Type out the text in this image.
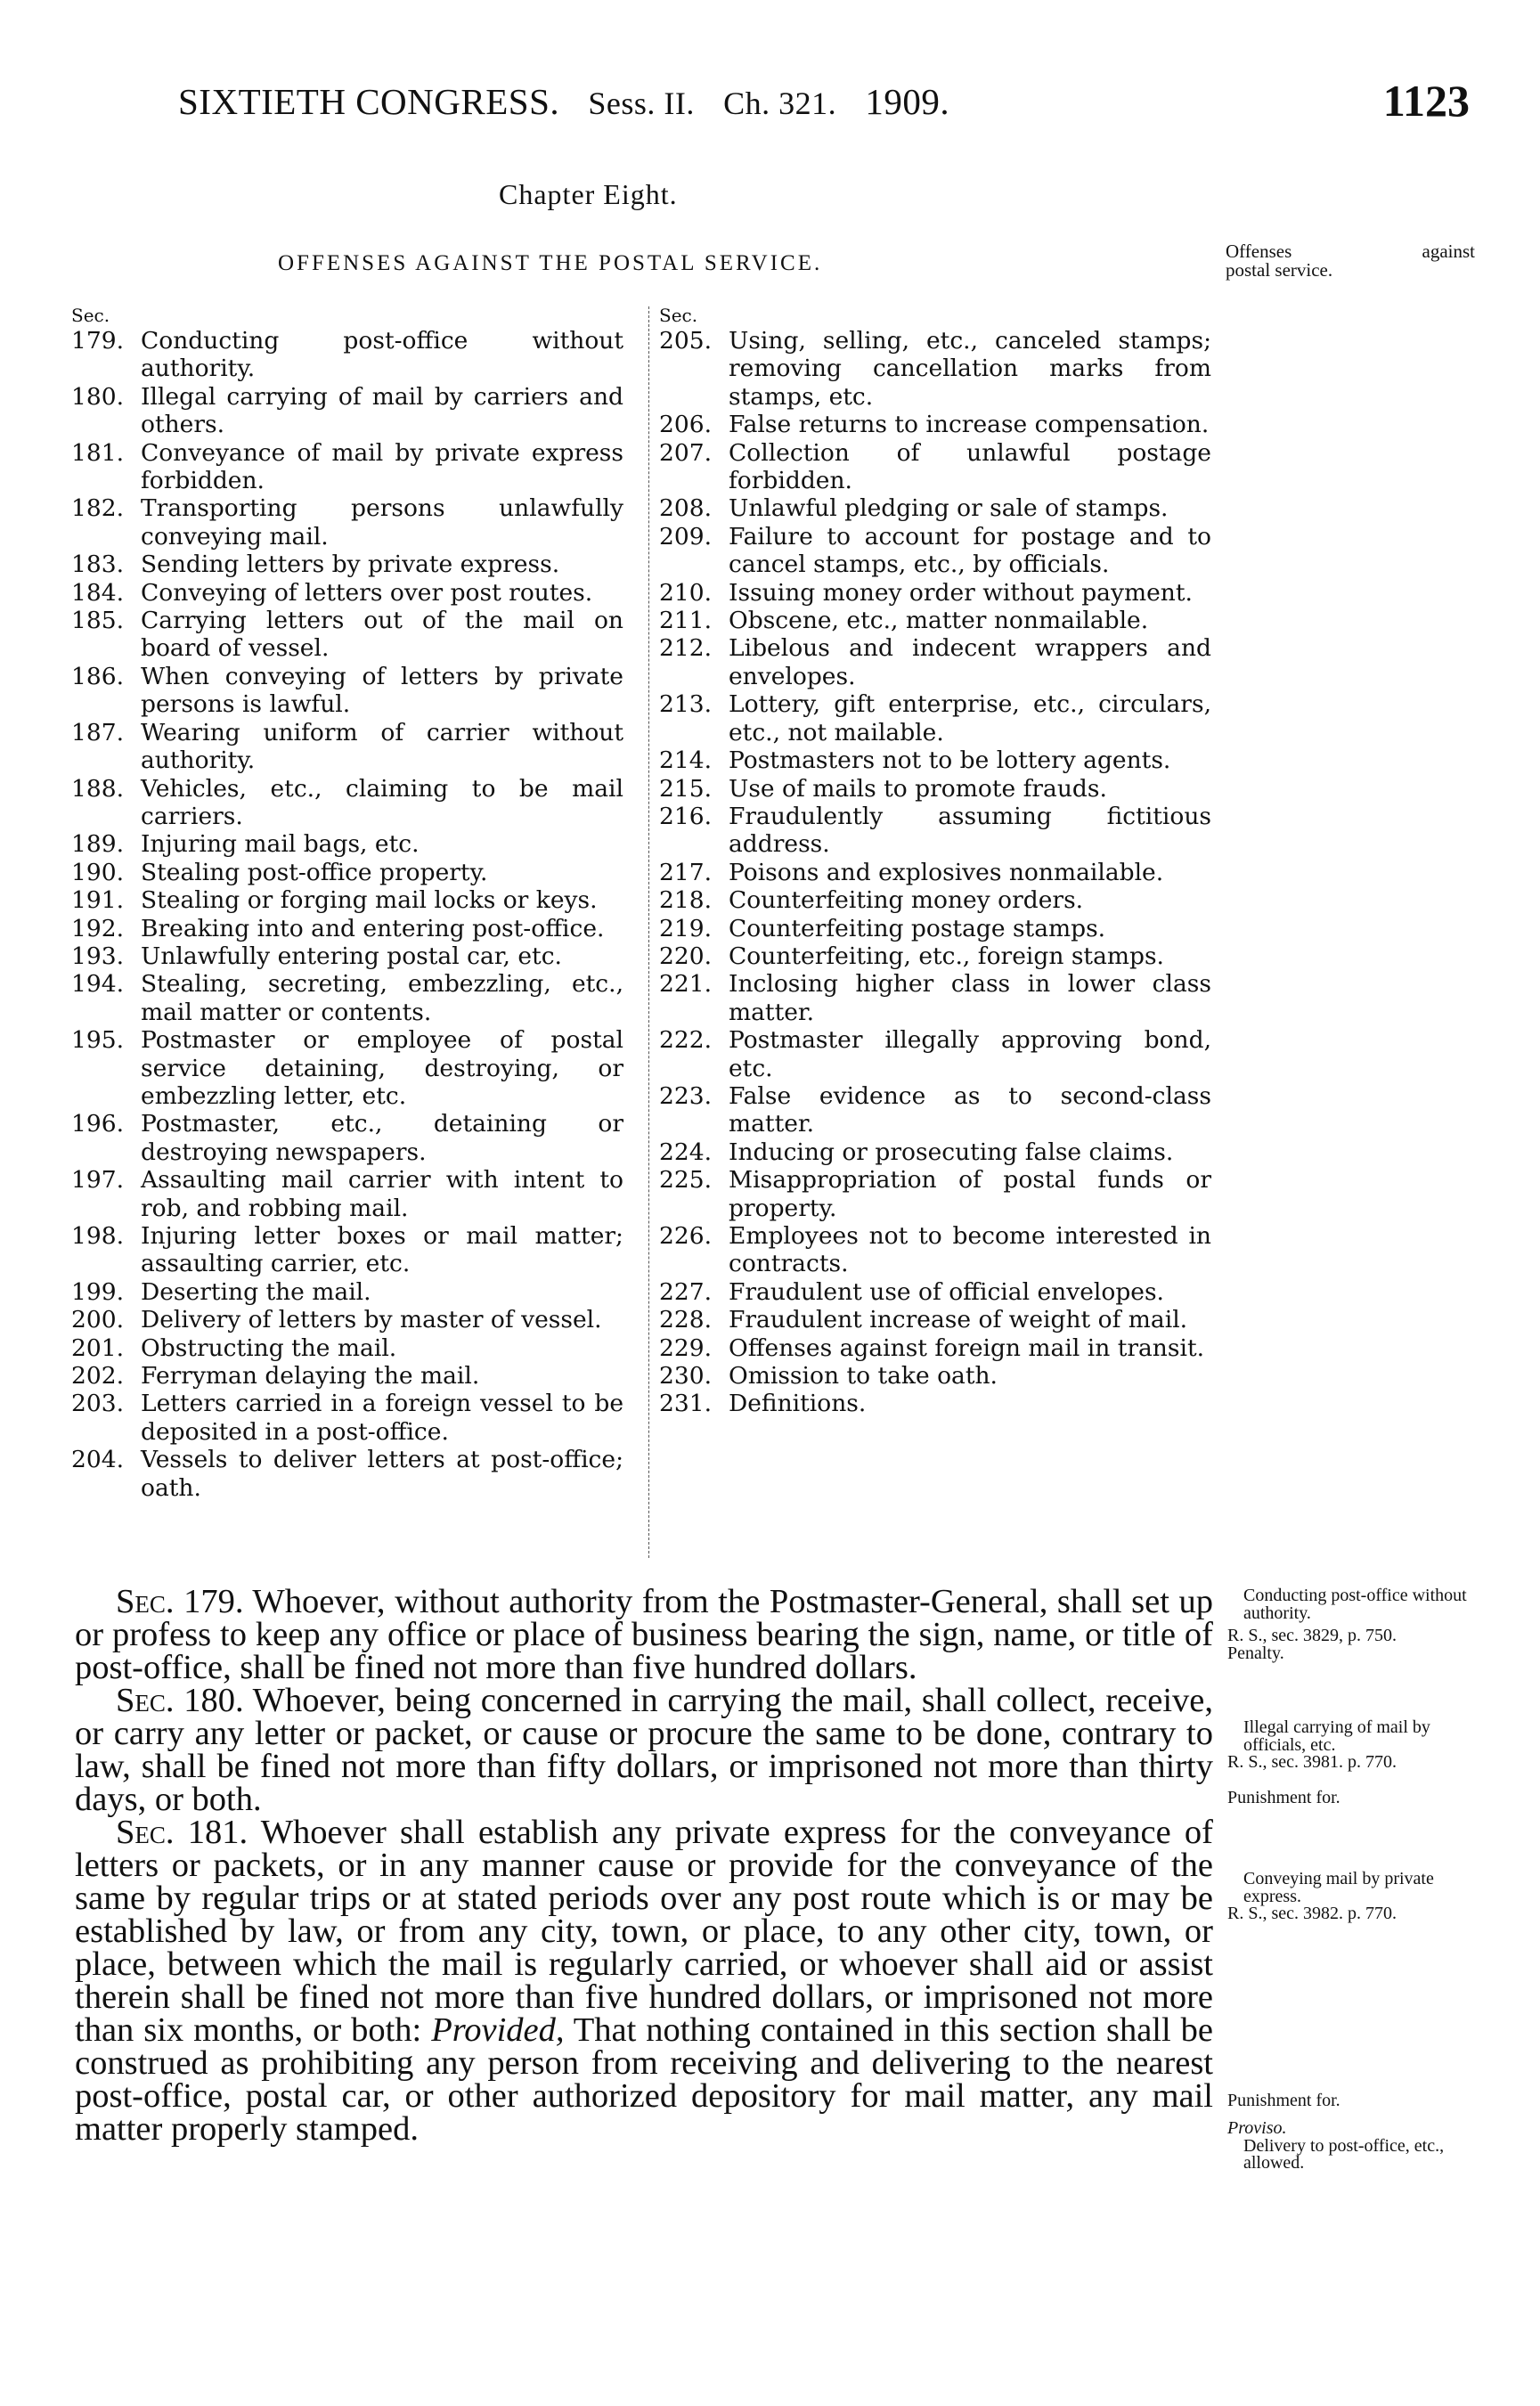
SIXTIETH CONGRESS. Sess. II. Ch. 321. 1909.	1123
Chapter Eight.
OFFENSES AGAINST THE POSTAL SERVICE.	Offenses against
postal service.
Sec.
179. Conducting post-office without authority.
180. Illegal carrying of mail by carriers and others.
181. Conveyance of mail by private express forbidden.
182. Transporting persons unlawfully conveying mail.
183. Sending letters by private express.
184. Conveying of letters over post routes.
185. Carrying letters out of the mail on board of vessel.
186. When conveying of letters by private persons is lawful.
187. Wearing uniform of carrier without authority.
188. Vehicles, etc., claiming to be mail carriers.
189. Injuring mail bags, etc.
190. Stealing post-office property.
191. Stealing or forging mail locks or keys.
192. Breaking into and entering post-office.
193. Unlawfully entering postal car, etc.
194. Stealing, secreting, embezzling, etc., mail matter or contents.
195. Postmaster or employee of postal service detaining, destroying, or embezzling letter, etc.
196. Postmaster, etc., detaining or destroying newspapers.
197. Assaulting mail carrier with intent to rob, and robbing mail.
198. Injuring letter boxes or mail matter; assaulting carrier, etc.
199. Deserting the mail.
200. Delivery of letters by master of vessel.
201. Obstructing the mail.
202. Ferryman delaying the mail.
203. Letters carried in a foreign vessel to be deposited in a post-office.
204. Vessels to deliver letters at post-office; oath.
Sec.
205. Using, selling, etc., canceled stamps; removing cancellation marks from stamps, etc.
206. False returns to increase compensation.
207. Collection of unlawful postage forbidden.
208. Unlawful pledging or sale of stamps.
209. Failure to account for postage and to cancel stamps, etc., by officials.
210. Issuing money order without payment.
211. Obscene, etc., matter nonmailable.
212. Libelous and indecent wrappers and envelopes.
213. Lottery, gift enterprise, etc., circulars, etc., not mailable.
214. Postmasters not to be lottery agents.
215. Use of mails to promote frauds.
216. Fraudulently assuming fictitious address.
217. Poisons and explosives nonmailable.
218. Counterfeiting money orders.
219. Counterfeiting postage stamps.
220. Counterfeiting, etc., foreign stamps.
221. Inclosing higher class in lower class matter.
222. Postmaster illegally approving bond, etc.
223. False evidence as to second-class matter.
224. Inducing or prosecuting false claims.
225. Misappropriation of postal funds or property.
226. Employees not to become interested in contracts.
227. Fraudulent use of official envelopes.
228. Fraudulent increase of weight of mail.
229. Offenses against foreign mail in transit.
230. Omission to take oath.
231. Definitions.

Sec. 179. Whoever, without authority from the Postmaster-General, shall set up or profess to keep any office or place of business bearing the sign, name, or title of post-office, shall be fined not more than five hundred dollars.

Sec. 180. Whoever, being concerned in carrying the mail, shall collect, receive, or carry any letter or packet, or cause or procure the same to be done, contrary to law, shall be fined not more than fifty dollars, or imprisoned not more than thirty days, or both.

Sec. 181. Whoever shall establish any private express for the conveyance of letters or packets, or in any manner cause or provide for the conveyance of the same by regular trips or at stated periods over any post route which is or may be established by law, or from any city, town, or place, to any other city, town, or place, between which the mail is regularly carried, or whoever shall aid or assist therein shall be fined not more than five hundred dollars, or imprisoned not more than six months, or both: Provided, That nothing contained in this section shall be construed as prohibiting any person from receiving and delivering to the nearest post-office, postal car, or other authorized depository for mail matter, any mail matter properly stamped.

Conducting post-office without authority.
R. S., sec. 3829, p. 750.
Penalty.
Illegal carrying of mail by officials, etc.
R. S., sec. 3981. p. 770.
Punishment for.
Conveying mail by private express.
R. S., sec. 3982. p. 770.
Punishment for.
Proviso.
Delivery to post-office, etc., allowed.
